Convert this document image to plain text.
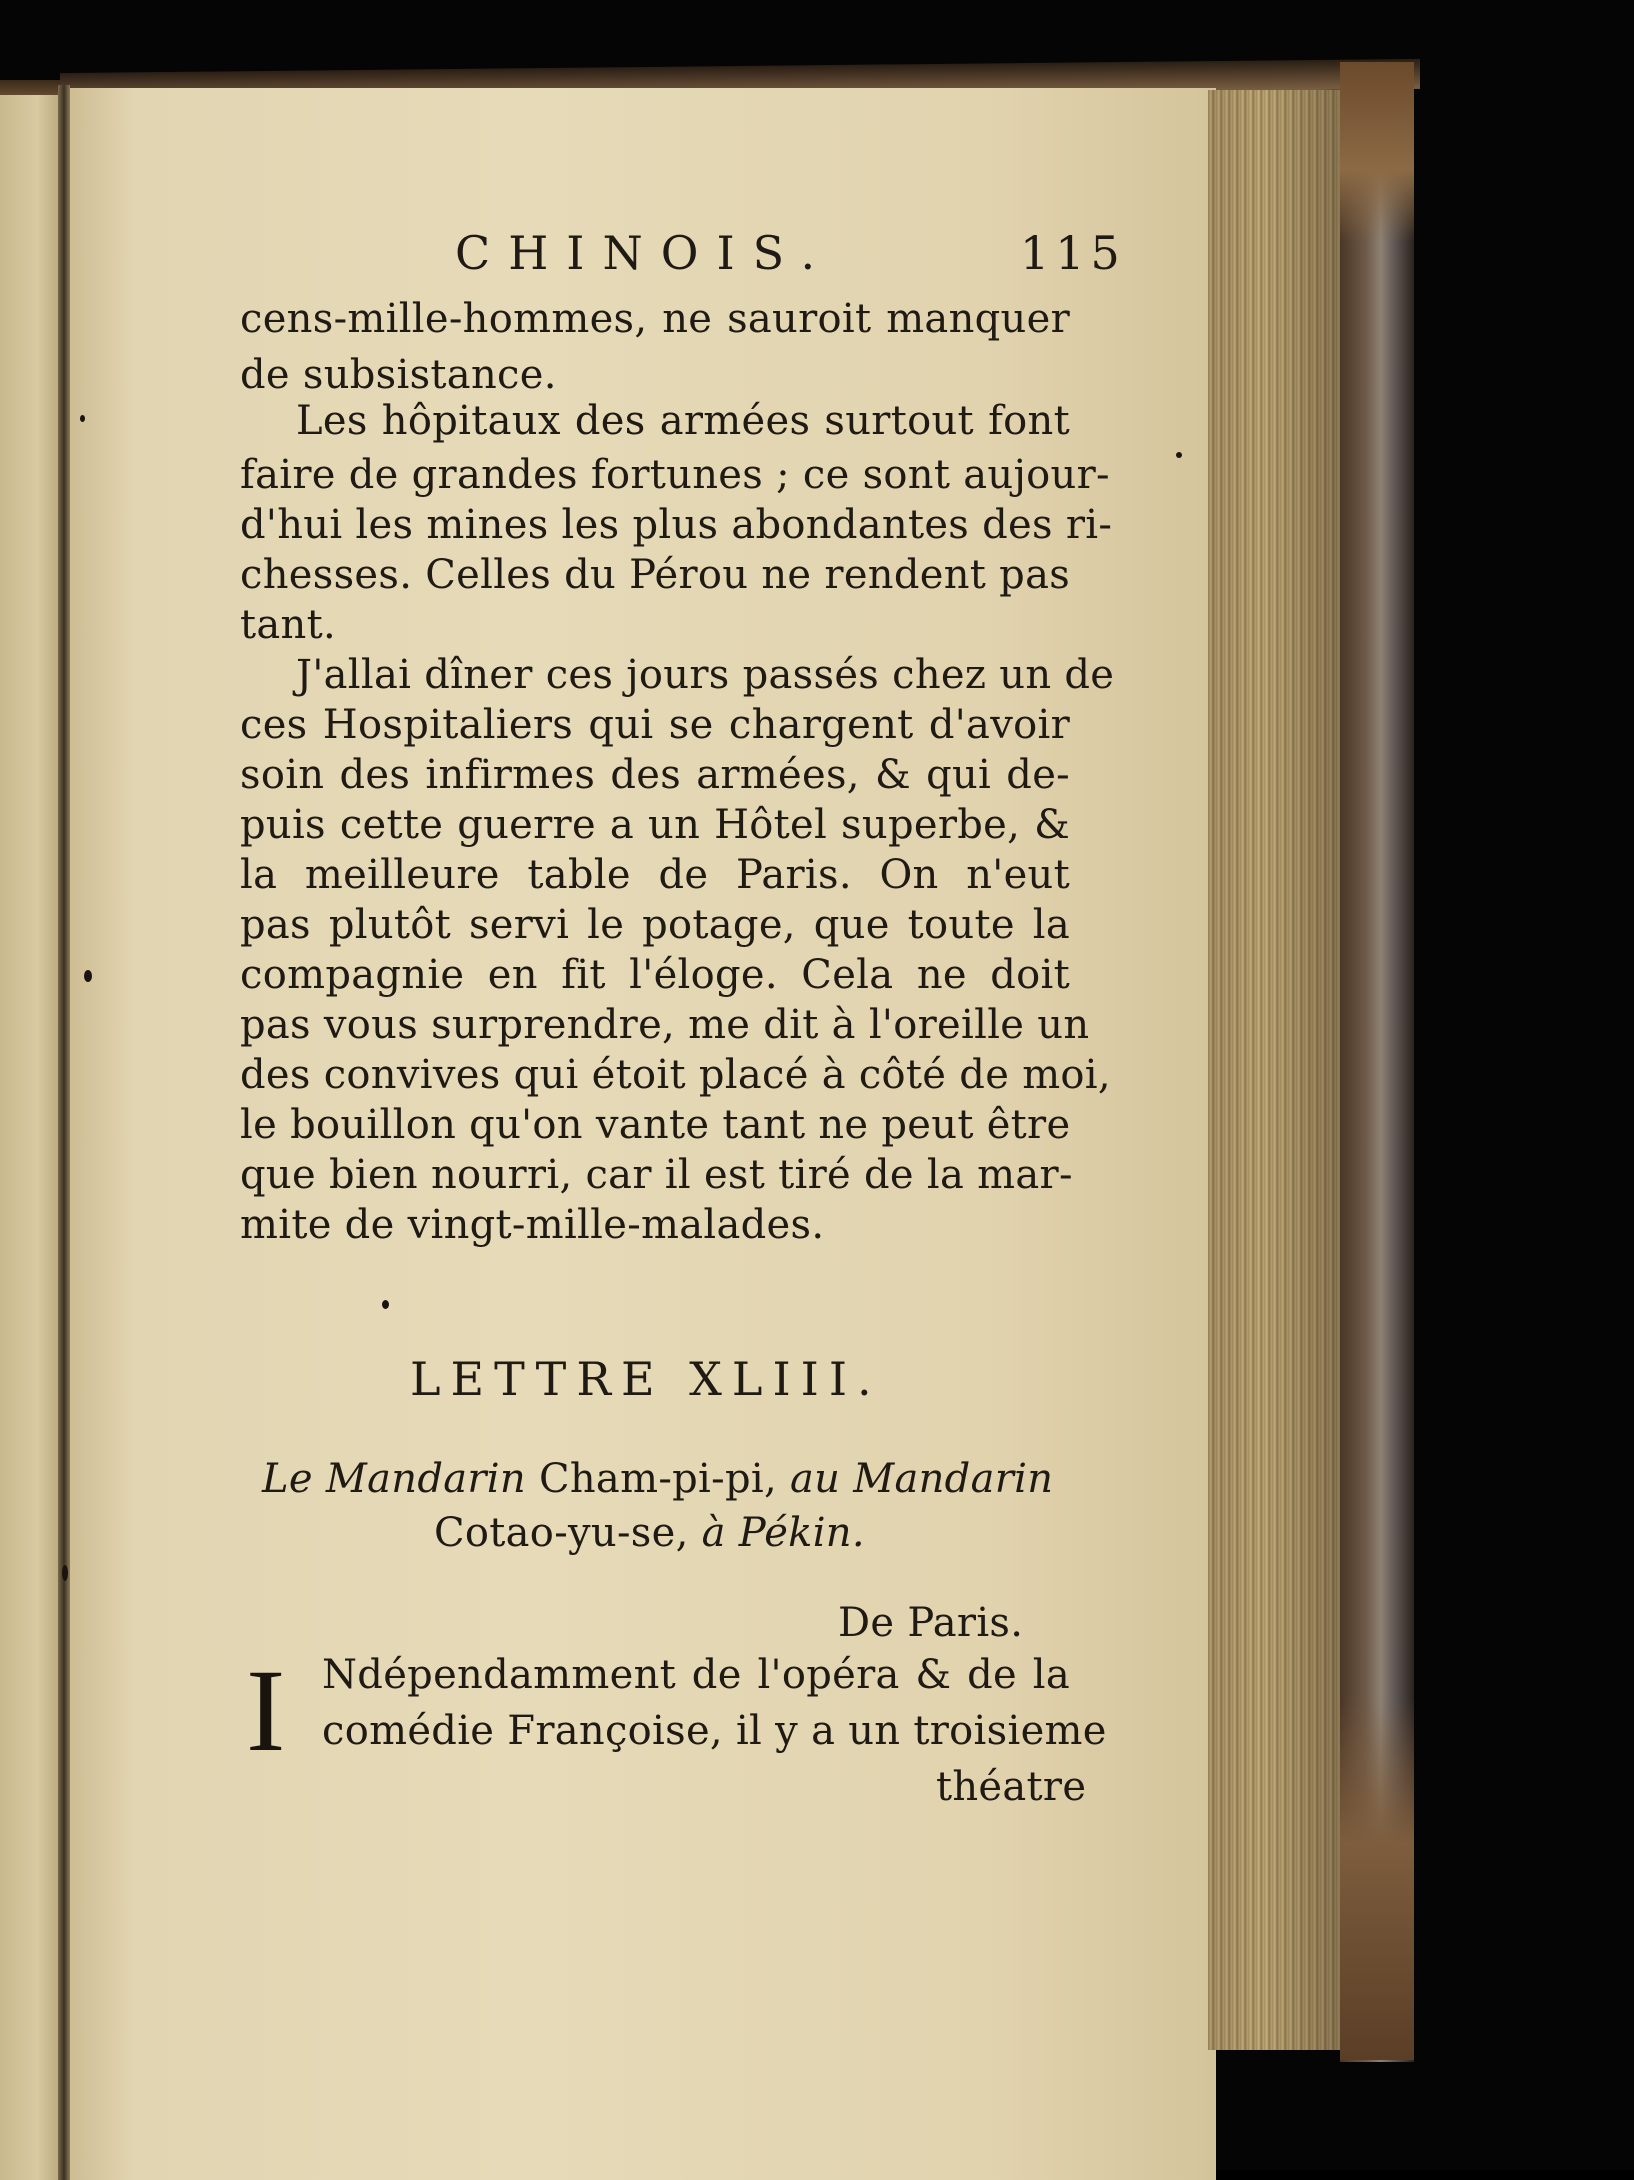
CHINOIS.	115
cens-mille-hommes, ne sauroit manquer
de subsistance.
Les hôpitaux des armées surtout font
faire de grandes fortunes ; ce sont aujour-
d'hui les mines les plus abondantes des ri-
chesses. Celles du Pérou ne rendent pas
tant.
J'allai dîner ces jours passés chez un de
ces Hospitaliers qui se chargent d'avoir
soin des infirmes des armées, & qui de-
puis cette guerre a un Hôtel superbe, &
la meilleure table de Paris. On n'eut
pas plutôt servi le potage, que toute la
compagnie en fit l'éloge. Cela ne doit
pas vous surprendre, me dit à l'oreille un
des convives qui étoit placé à côté de moi,
le bouillon qu'on vante tant ne peut être
que bien nourri, car il est tiré de la mar-
mite de vingt-mille-malades.
LETTRE XLIII.
Le Mandarin Cham-pi-pi, au Mandarin
Cotao-yu-se, à Pékin.
De Paris.
I Ndépendamment de l'opéra & de la
comédie Françoise, il y a un troisieme
théatre
